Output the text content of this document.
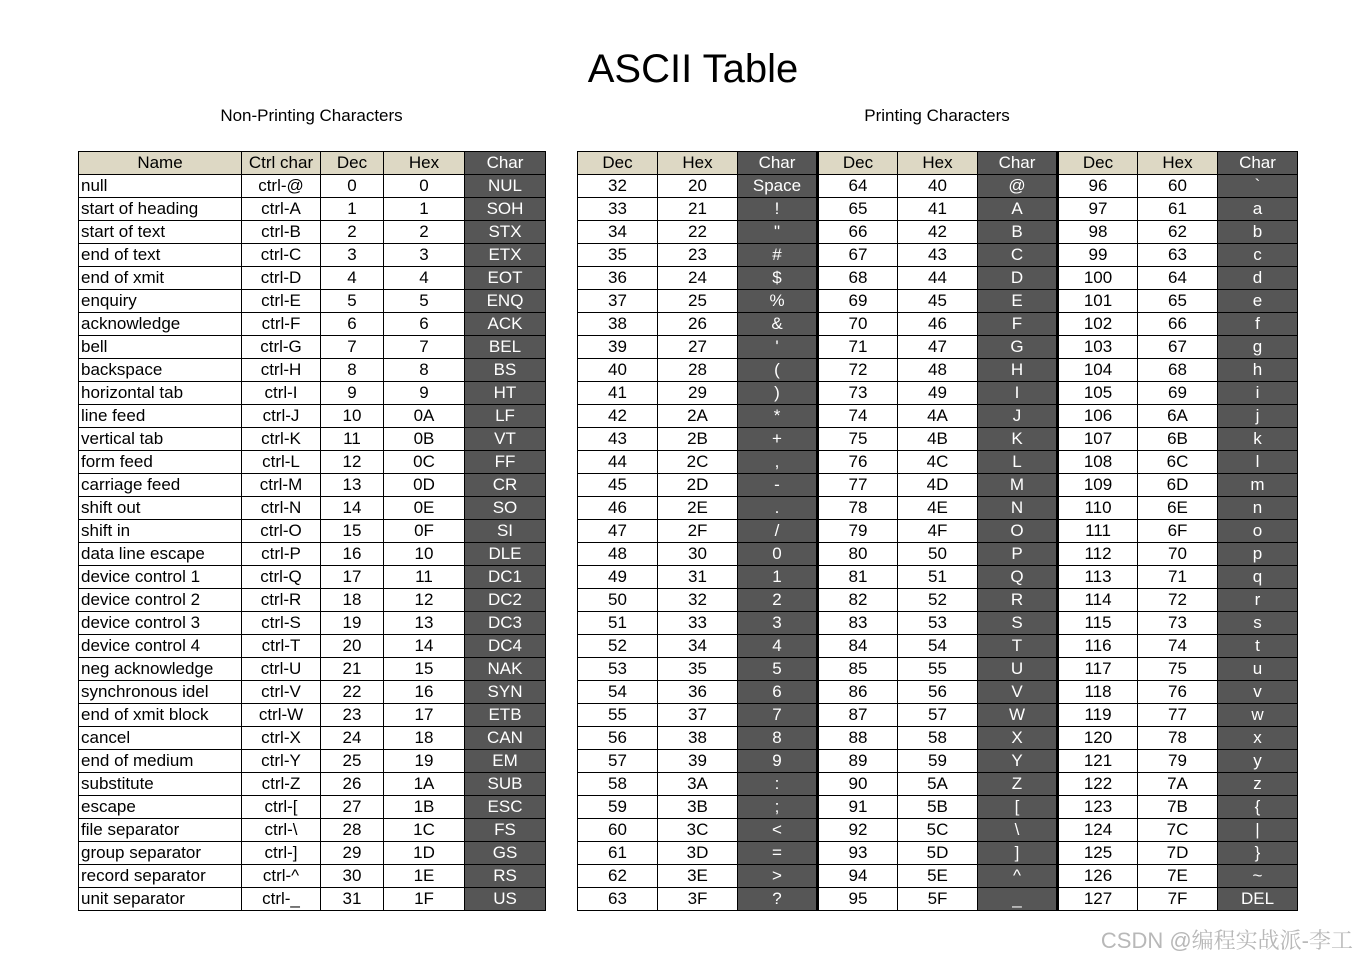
ASCII Table
Non-Printing Characters	Printing Characters
Name	Ctrl char	Dec	Hex	Char
null	ctrl-@	0	0	NUL
start of heading	ctrl-A	1	1	SOH
start of text	ctrl-B	2	2	STX
end of text	ctrl-C	3	3	ETX
end of xmit	ctrl-D	4	4	EOT
enquiry	ctrl-E	5	5	ENQ
acknowledge	ctrl-F	6	6	ACK
bell	ctrl-G	7	7	BEL
backspace	ctrl-H	8	8	BS
horizontal tab	ctrl-I	9	9	HT
line feed	ctrl-J	10	0A	LF
vertical tab	ctrl-K	11	0B	VT
form feed	ctrl-L	12	0C	FF
carriage feed	ctrl-M	13	0D	CR
shift out	ctrl-N	14	0E	SO
shift in	ctrl-O	15	0F	SI
data line escape	ctrl-P	16	10	DLE
device control 1	ctrl-Q	17	11	DC1
device control 2	ctrl-R	18	12	DC2
device control 3	ctrl-S	19	13	DC3
device control 4	ctrl-T	20	14	DC4
neg acknowledge	ctrl-U	21	15	NAK
synchronous idel	ctrl-V	22	16	SYN
end of xmit block	ctrl-W	23	17	ETB
cancel	ctrl-X	24	18	CAN
end of medium	ctrl-Y	25	19	EM
substitute	ctrl-Z	26	1A	SUB
escape	ctrl-[	27	1B	ESC
file separator	ctrl-\	28	1C	FS
group separator	ctrl-]	29	1D	GS
record separator	ctrl-^	30	1E	RS
unit separator	ctrl-_	31	1F	US
Dec	Hex	Char	Dec	Hex	Char	Dec	Hex	Char
32	20	Space	64	40	@	96	60	`
33	21	!	65	41	A	97	61	a
34	22	"	66	42	B	98	62	b
35	23	#	67	43	C	99	63	c
36	24	$	68	44	D	100	64	d
37	25	%	69	45	E	101	65	e
38	26	&	70	46	F	102	66	f
39	27	'	71	47	G	103	67	g
40	28	(	72	48	H	104	68	h
41	29	)	73	49	I	105	69	i
42	2A	*	74	4A	J	106	6A	j
43	2B	+	75	4B	K	107	6B	k
44	2C	,	76	4C	L	108	6C	l
45	2D	-	77	4D	M	109	6D	m
46	2E	.	78	4E	N	110	6E	n
47	2F	/	79	4F	O	111	6F	o
48	30	0	80	50	P	112	70	p
49	31	1	81	51	Q	113	71	q
50	32	2	82	52	R	114	72	r
51	33	3	83	53	S	115	73	s
52	34	4	84	54	T	116	74	t
53	35	5	85	55	U	117	75	u
54	36	6	86	56	V	118	76	v
55	37	7	87	57	W	119	77	w
56	38	8	88	58	X	120	78	x
57	39	9	89	59	Y	121	79	y
58	3A	:	90	5A	Z	122	7A	z
59	3B	;	91	5B	[	123	7B	{
60	3C	<	92	5C	\	124	7C	|
61	3D	=	93	5D	]	125	7D	}
62	3E	>	94	5E	^	126	7E	~
63	3F	?	95	5F	_	127	7F	DEL
CSDN @编程实战派-李工
